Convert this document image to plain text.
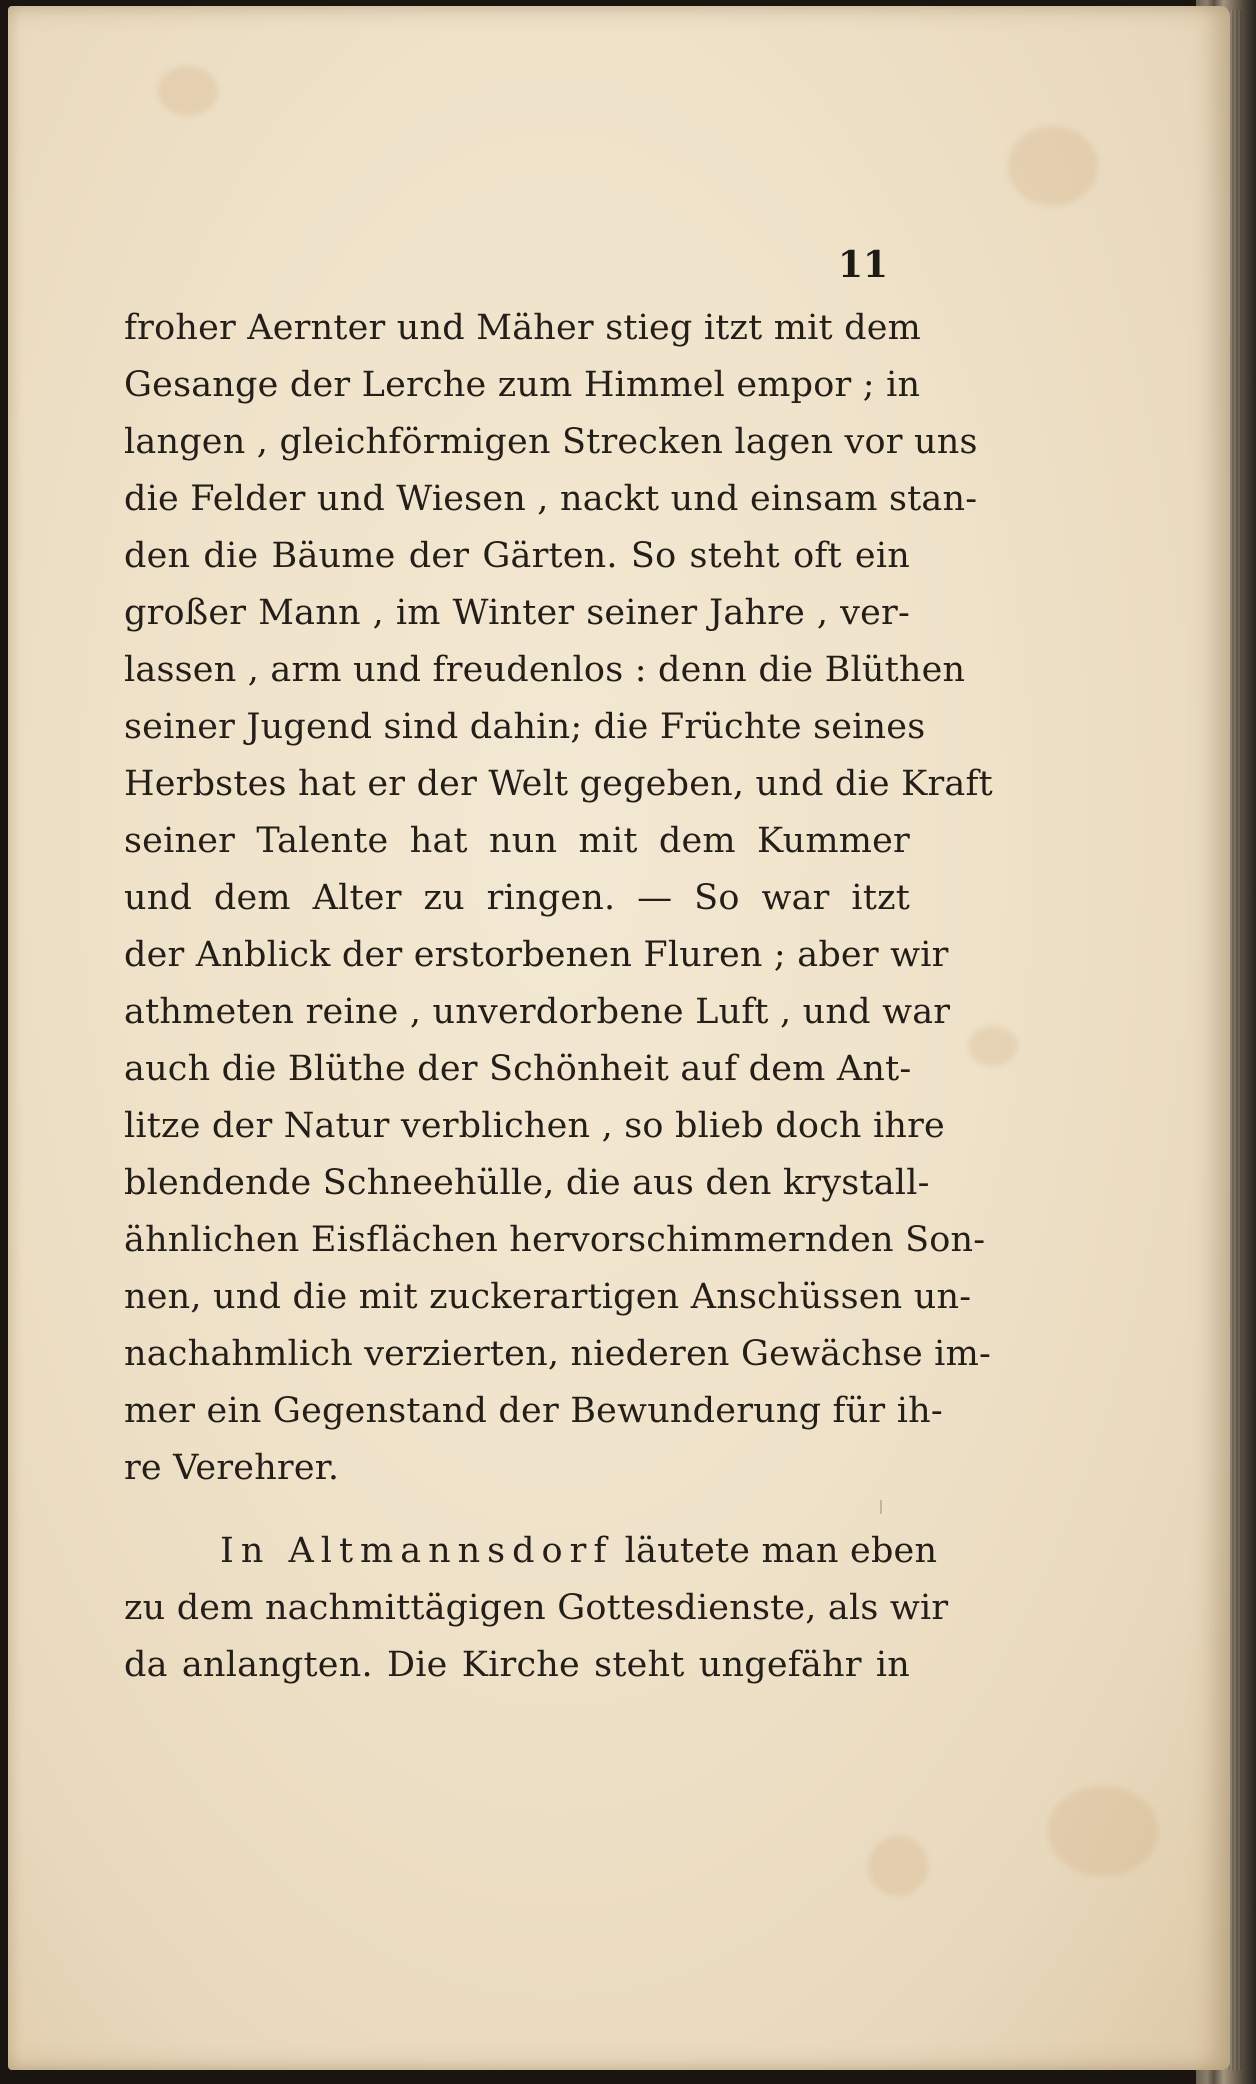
11
froher Aernter und Mäher stieg itzt mit dem
Gesange der Lerche zum Himmel empor ; in
langen , gleichförmigen Strecken lagen vor uns
die Felder und Wiesen , nackt und einsam stan-
den die Bäume der Gärten. So steht oft ein
großer Mann , im Winter seiner Jahre , ver-
lassen , arm und freudenlos : denn die Blüthen
seiner Jugend sind dahin; die Früchte seines
Herbstes hat er der Welt gegeben, und die Kraft
seiner Talente hat nun mit dem Kummer
und dem Alter zu ringen. — So war itzt
der Anblick der erstorbenen Fluren ; aber wir
athmeten reine , unverdorbene Luft , und war
auch die Blüthe der Schönheit auf dem Ant-
litze der Natur verblichen , so blieb doch ihre
blendende Schneehülle, die aus den krystall-
ähnlichen Eisflächen hervorschimmernden Son-
nen, und die mit zuckerartigen Anschüssen un-
nachahmlich verzierten, niederen Gewächse im-
mer ein Gegenstand der Bewunderung für ih-
re Verehrer.
In Altmannsdorf läutete man eben
zu dem nachmittägigen Gottesdienste, als wir
da anlangten. Die Kirche steht ungefähr in
